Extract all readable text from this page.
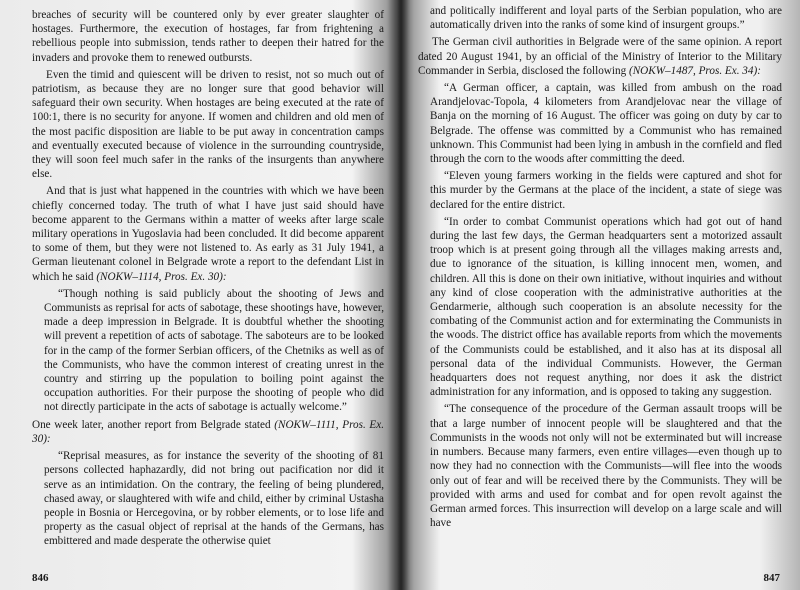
breaches of security will be countered only by ever greater slaughter of hostages. Furthermore, the execution of hostages, far from frightening a rebellious people into submission, tends rather to deepen their hatred for the invaders and provoke them to renewed outbursts.

Even the timid and quiescent will be driven to resist, not so much out of patriotism, as because they are no longer sure that good behavior will safeguard their own security. When hostages are being executed at the rate of 100:1, there is no security for anyone. If women and children and old men of the most pacific disposition are liable to be put away in concentration camps and eventually executed because of violence in the surrounding countryside, they will soon feel much safer in the ranks of the insurgents than anywhere else.

And that is just what happened in the countries with which we have been chiefly concerned today. The truth of what I have just said should have become apparent to the Germans within a matter of weeks after large scale military operations in Yugoslavia had been concluded. It did become apparent to some of them, but they were not listened to. As early as 31 July 1941, a German lieutenant colonel in Belgrade wrote a report to the defendant List in which he said (NOKW–1114, Pros. Ex. 30):

“Though nothing is said publicly about the shooting of Jews and Communists as reprisal for acts of sabotage, these shootings have, however, made a deep impression in Belgrade. It is doubtful whether the shooting will prevent a repetition of acts of sabotage. The saboteurs are to be looked for in the camp of the former Serbian officers, of the Chetniks as well as of the Communists, who have the common interest of creating unrest in the country and stirring up the population to boiling point against the occupation authorities. For their purpose the shooting of people who did not directly participate in the acts of sabotage is actually welcome.”

One week later, another report from Belgrade stated (NOKW–1111, Pros. Ex. 30):

“Reprisal measures, as for instance the severity of the shooting of 81 persons collected haphazardly, did not bring out pacification nor did it serve as an intimidation. On the contrary, the feeling of being plundered, chased away, or slaughtered with wife and child, either by criminal Ustasha people in Bosnia or Hercegovina, or by robber elements, or to lose life and property as the casual object of reprisal at the hands of the Germans, has embittered and made desperate the otherwise quiet

846

and politically indifferent and loyal parts of the Serbian population, who are automatically driven into the ranks of some kind of insurgent groups.”

The German civil authorities in Belgrade were of the same opinion. A report dated 20 August 1941, by an official of the Ministry of Interior to the Military Commander in Serbia, disclosed the following (NOKW–1487, Pros. Ex. 34):

“A German officer, a captain, was killed from ambush on the road Arandjelovac-Topola, 4 kilometers from Arandjelovac near the village of Banja on the morning of 16 August. The officer was going on duty by car to Belgrade. The offense was committed by a Communist who has remained unknown. This Communist had been lying in ambush in the cornfield and fled through the corn to the woods after committing the deed.

“Eleven young farmers working in the fields were captured and shot for this murder by the Germans at the place of the incident, a state of siege was declared for the entire district.

“In order to combat Communist operations which had got out of hand during the last few days, the German headquarters sent a motorized assault troop which is at present going through all the villages making arrests and, due to ignorance of the situation, is killing innocent men, women, and children. All this is done on their own initiative, without inquiries and without any kind of close cooperation with the administrative authorities at the Gendarmerie, although such cooperation is an absolute necessity for the combating of the Communist action and for exterminating the Communists in the woods. The district office has available reports from which the movements of the Communists could be established, and it also has at its disposal all personal data of the individual Communists. However, the German headquarters does not request anything, nor does it ask the district administration for any information, and is opposed to taking any suggestion.

“The consequence of the procedure of the German assault troops will be that a large number of innocent people will be slaughtered and that the Communists in the woods not only will not be exterminated but will increase in numbers. Because many farmers, even entire villages—even though up to now they had no connection with the Communists—will flee into the woods only out of fear and will be received there by the Communists. They will be provided with arms and used for combat and for open revolt against the German armed forces. This insurrection will develop on a large scale and will have

847
